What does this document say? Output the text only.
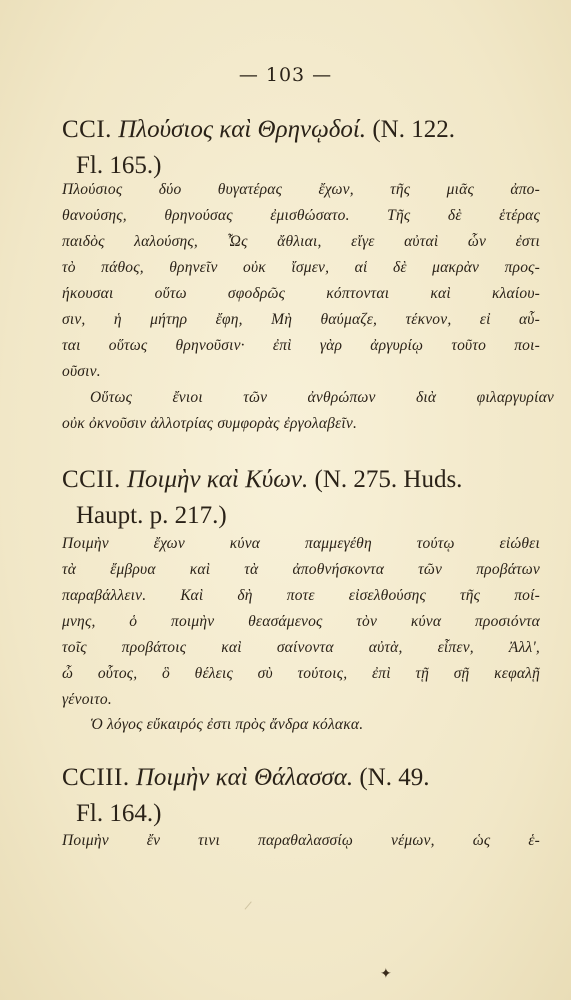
— 103 —
CCI. Πλούσιος καὶ Θρηνῳδοί. (N. 122.
Fl. 165.)
Πλούσιος δύο θυγατέρας ἔχων, τῆς μιᾶς ἀπο-
θανούσης, θρηνούσας ἐμισθώσατο. Τῆς δὲ ἑτέρας
παιδὸς λαλούσης, Ὦς ἄθλιαι, εἴγε αὐταὶ ὧν ἐστι
τὸ πάθος, θρηνεῖν οὐκ ἴσμεν, αἱ δὲ μακρὰν προς-
ήκουσαι οὕτω σφοδρῶς κόπτονται καὶ κλαίου-
σιν, ἡ μήτηρ ἔφη, Μὴ θαύμαζε, τέκνον, εἰ αὗ-
ται οὕτως θρηνοῦσιν· ἐπὶ γὰρ ἀργυρίῳ τοῦτο ποι-
οῦσιν.
Οὕτως ἔνιοι τῶν ἀνθρώπων διὰ φιλαργυρίαν
οὐκ ὀκνοῦσιν ἀλλοτρίας συμφορὰς ἐργολαβεῖν.
CCII. Ποιμὴν καὶ Κύων. (N. 275. Huds.
Haupt. p. 217.)
Ποιμὴν ἔχων κύνα παμμεγέθη τούτῳ εἰώθει
τὰ ἔμβρυα καὶ τὰ ἀποθνήσκοντα τῶν προβάτων
παραβάλλειν. Καὶ δὴ ποτε εἰσελθούσης τῆς ποί-
μνης, ὁ ποιμὴν θεασάμενος τὸν κύνα προσιόντα
τοῖς προβάτοις καὶ σαίνοντα αὐτὰ, εἶπεν, Ἀλλ',
ὦ οὗτος, ὃ θέλεις σὺ τούτοις, ἐπὶ τῇ σῇ κεφαλῇ
γένοιτο.
Ὁ λόγος εὔκαιρός ἐστι πρὸς ἄνδρα κόλακα.
CCIII. Ποιμὴν καὶ Θάλασσα. (N. 49.
Fl. 164.)
Ποιμὴν ἔν τινι παραθαλασσίῳ νέμων, ὡς ἑ-
✦
